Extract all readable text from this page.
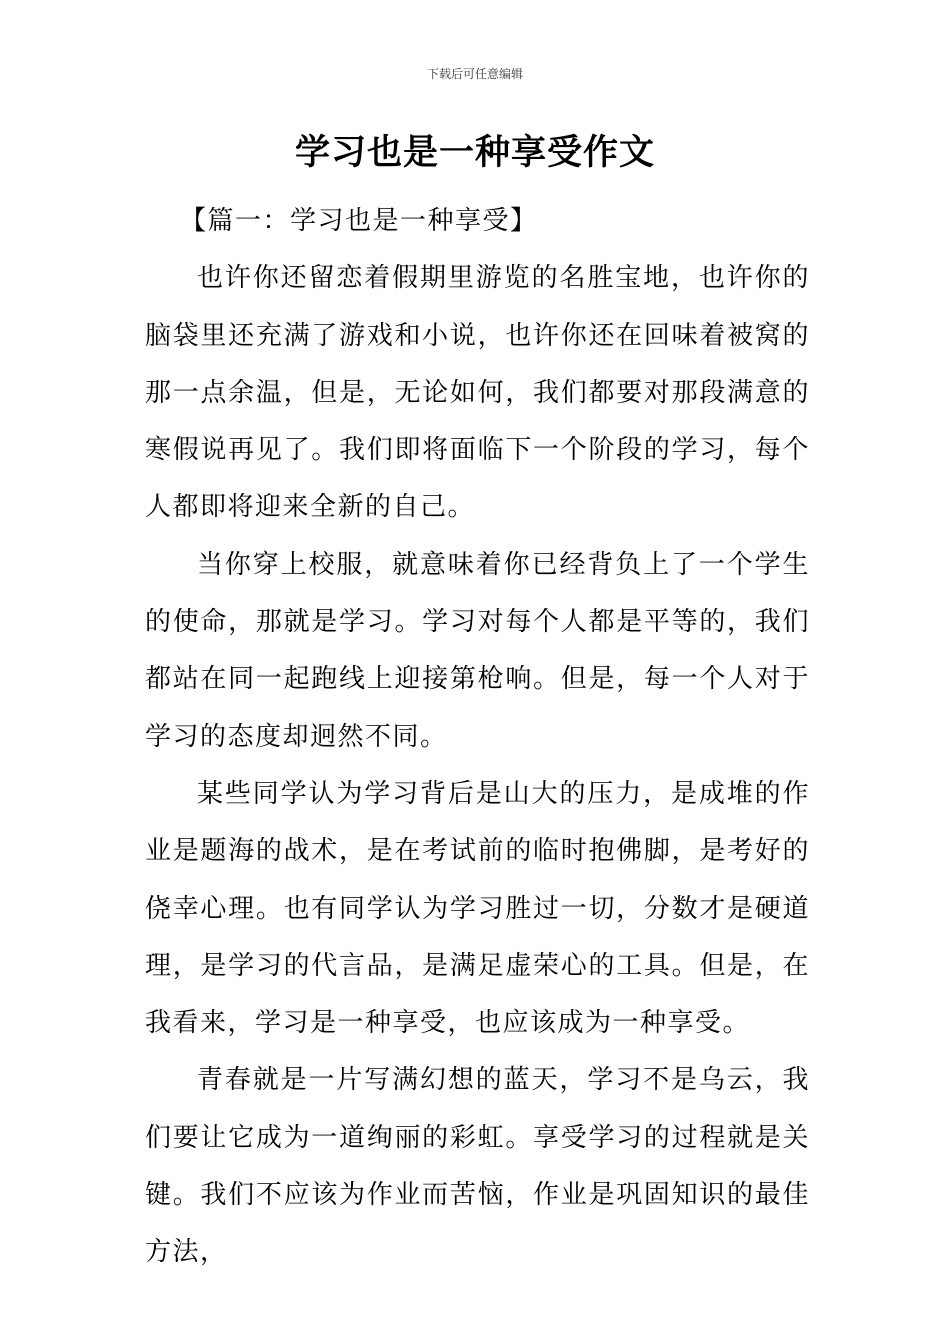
下载后可任意编辑
学习也是一种享受作文
【篇一：学习也是一种享受】

也许你还留恋着假期里游览的名胜宝地，也许你的脑袋里还充满了游戏和小说，也许你还在回味着被窝的那一点余温，但是，无论如何，我们都要对那段满意的寒假说再见了。我们即将面临下一个阶段的学习，每个人都即将迎来全新的自己。

当你穿上校服，就意味着你已经背负上了一个学生的使命，那就是学习。学习对每个人都是平等的，我们都站在同一起跑线上迎接第枪响。但是，每一个人对于学习的态度却迥然不同。

某些同学认为学习背后是山大的压力，是成堆的作业是题海的战术，是在考试前的临时抱佛脚，是考好的侥幸心理。也有同学认为学习胜过一切，分数才是硬道理，是学习的代言品，是满足虚荣心的工具。但是，在我看来，学习是一种享受，也应该成为一种享受。

青春就是一片写满幻想的蓝天，学习不是乌云，我们要让它成为一道绚丽的彩虹。享受学习的过程就是关键。我们不应该为作业而苦恼，作业是巩固知识的最佳方法，
